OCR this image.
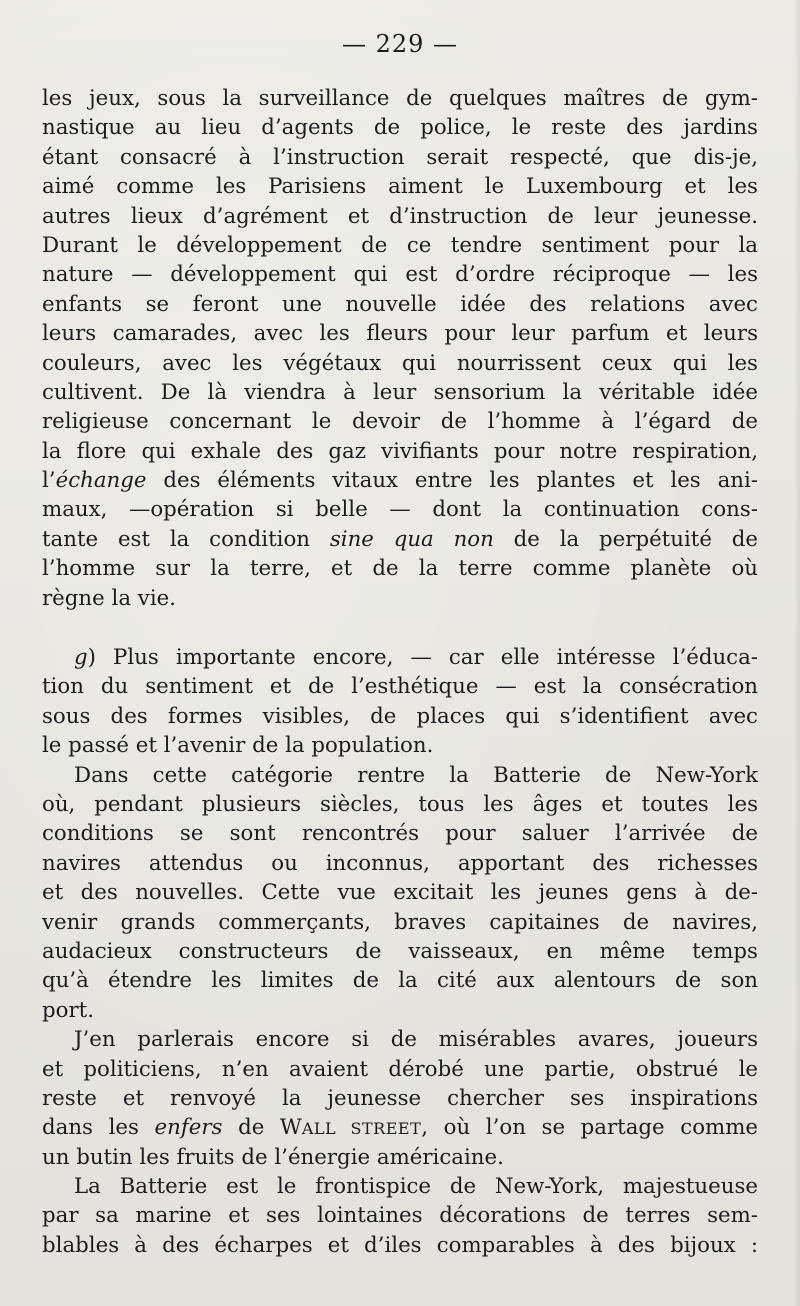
— 229 —
les jeux, sous la surveillance de quelques maîtres de gym-
nastique au lieu d’agents de police, le reste des jardins
étant consacré à l’instruction serait respecté, que dis-je,
aimé comme les Parisiens aiment le Luxembourg et les
autres lieux d’agrément et d’instruction de leur jeunesse.
Durant le développement de ce tendre sentiment pour la
nature — développement qui est d’ordre réciproque — les
enfants se feront une nouvelle idée des relations avec
leurs camarades, avec les fleurs pour leur parfum et leurs
couleurs, avec les végétaux qui nourrissent ceux qui les
cultivent. De là viendra à leur sensorium la véritable idée
religieuse concernant le devoir de l’homme à l’égard de
la flore qui exhale des gaz vivifiants pour notre respiration,
l’échange des éléments vitaux entre les plantes et les ani-
maux, —opération si belle — dont la continuation cons-
tante est la condition sine qua non de la perpétuité de
l’homme sur la terre, et de la terre comme planète où
règne la vie.
g) Plus importante encore, — car elle intéresse l’éduca-
tion du sentiment et de l’esthétique — est la consécration
sous des formes visibles, de places qui s’identifient avec
le passé et l’avenir de la population.
Dans cette catégorie rentre la Batterie de New-York
où, pendant plusieurs siècles, tous les âges et toutes les
conditions se sont rencontrés pour saluer l’arrivée de
navires attendus ou inconnus, apportant des richesses
et des nouvelles. Cette vue excitait les jeunes gens à de-
venir grands commerçants, braves capitaines de navires,
audacieux constructeurs de vaisseaux, en même temps
qu’à étendre les limites de la cité aux alentours de son
port.
J’en parlerais encore si de misérables avares, joueurs
et politiciens, n’en avaient dérobé une partie, obstrué le
reste et renvoyé la jeunesse chercher ses inspirations
dans les enfers de WALL STREET, où l’on se partage comme
un butin les fruits de l’énergie américaine.
La Batterie est le frontispice de New-York, majestueuse
par sa marine et ses lointaines décorations de terres sem-
blables à des écharpes et d’iles comparables à des bijoux :
